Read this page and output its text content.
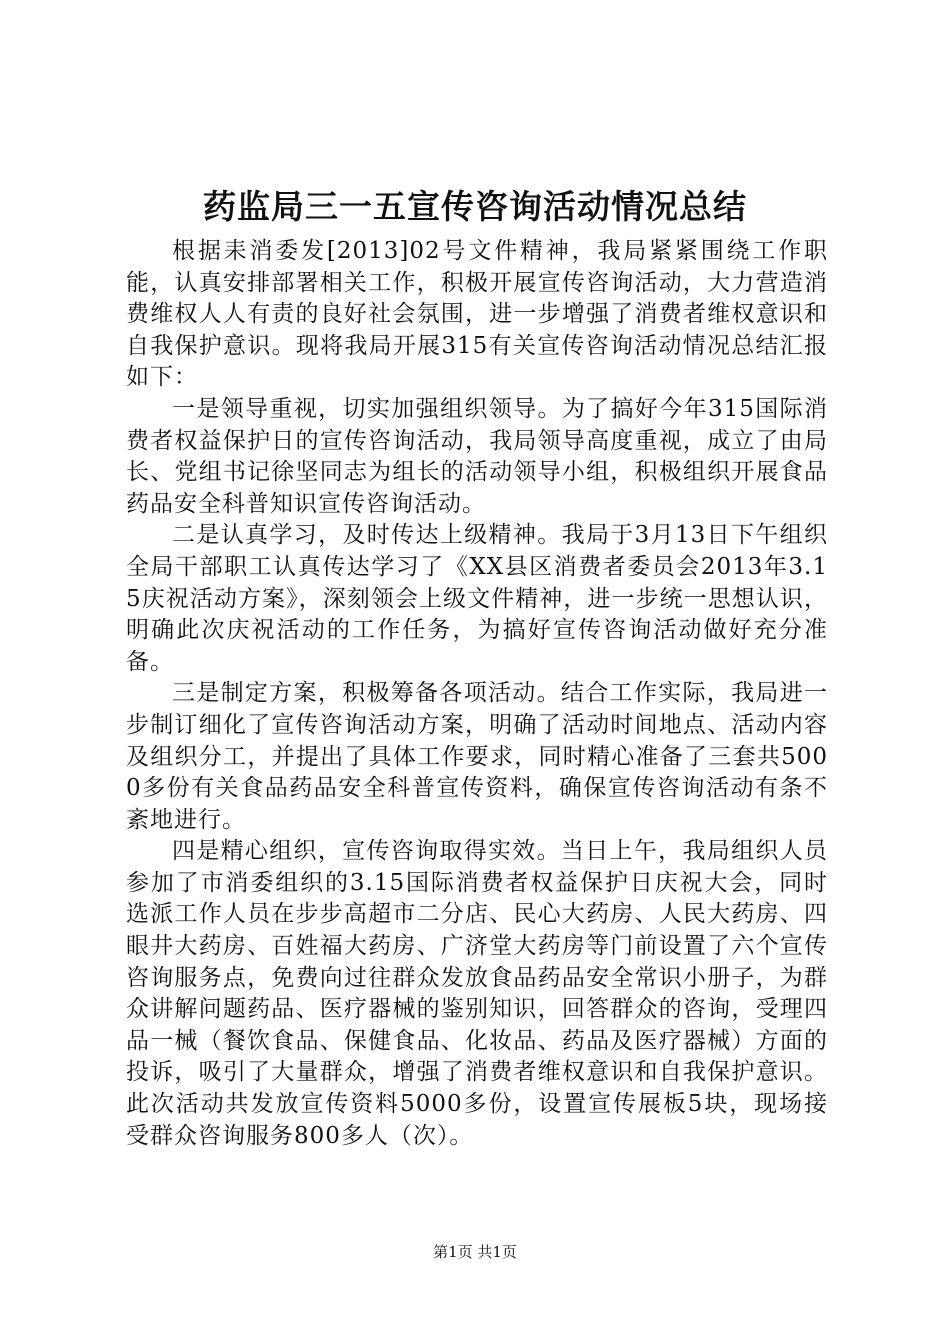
药监局三一五宣传咨询活动情况总结

根据耒消委发[2013]02号文件精神，我局紧紧围绕工作职能，认真安排部署相关工作，积极开展宣传咨询活动，大力营造消费维权人人有责的良好社会氛围，进一步增强了消费者维权意识和自我保护意识。现将我局开展315有关宣传咨询活动情况总结汇报如下：

一是领导重视，切实加强组织领导。为了搞好今年315国际消费者权益保护日的宣传咨询活动，我局领导高度重视，成立了由局长、党组书记徐坚同志为组长的活动领导小组，积极组织开展食品药品安全科普知识宣传咨询活动。

二是认真学习，及时传达上级精神。我局于3月13日下午组织全局干部职工认真传达学习了《XX县区消费者委员会2013年3.15庆祝活动方案》，深刻领会上级文件精神，进一步统一思想认识，明确此次庆祝活动的工作任务，为搞好宣传咨询活动做好充分准备。

三是制定方案，积极筹备各项活动。结合工作实际，我局进一步制订细化了宣传咨询活动方案，明确了活动时间地点、活动内容及组织分工，并提出了具体工作要求，同时精心准备了三套共5000多份有关食品药品安全科普宣传资料，确保宣传咨询活动有条不紊地进行。

四是精心组织，宣传咨询取得实效。当日上午，我局组织人员参加了市消委组织的3.15国际消费者权益保护日庆祝大会，同时选派工作人员在步步高超市二分店、民心大药房、人民大药房、四眼井大药房、百姓福大药房、广济堂大药房等门前设置了六个宣传咨询服务点，免费向过往群众发放食品药品安全常识小册子，为群众讲解问题药品、医疗器械的鉴别知识，回答群众的咨询，受理四品一械（餐饮食品、保健食品、化妆品、药品及医疗器械）方面的投诉，吸引了大量群众，增强了消费者维权意识和自我保护意识。此次活动共发放宣传资料5000多份，设置宣传展板5块，现场接受群众咨询服务800多人（次）。

第1页 共1页
